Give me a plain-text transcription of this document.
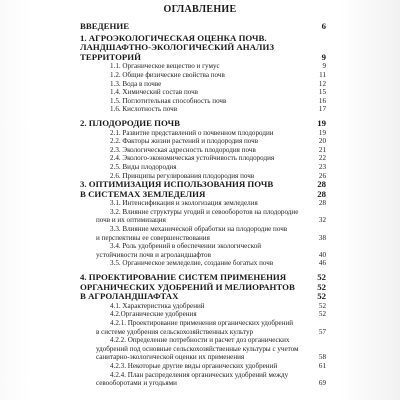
ОГЛАВЛЕНИЕ
ВВЕДЕНИЕ	6
1. АГРОЭКОЛОГИЧЕСКАЯ ОЦЕНКА ПОЧВ.
ЛАНДШАФТНО-ЭКОЛОГИЧЕСКИЙ АНАЛИЗ ТЕРРИТОРИЙ	9
1.1. Органическое вещество и гумус	9
1.2. Общие физические свойства почв	11
1.3. Вода в почве	12
1.4. Химический состав почв	15
1.5. Поглотительная способность почв	16
1.6. Кислотность почв	17
2. ПЛОДОРОДИЕ ПОЧВ	19
2.1. Развитие представлений о почвенном плодородии	19
2.2. Факторы жизни растений и плодородия почв	20
2.3. Экологическая адресность плодородия почв	21
2.4. Эколого-экономическая устойчивость плодородия	22
2.5. Виды плодородия	23
2.6. Принципы регулирования плодородия почв	26
3. ОПТИМИЗАЦИЯ ИСПОЛЬЗОВАНИЯ ПОЧВ	28
В СИСТЕМАХ ЗЕМЛЕДЕЛИЯ	28
3.1. Интенсификация и экологизация земледелия	28
3.2. Влияние структуры угодий и севооборотов на плодородие
почв и их оптимизация	32
3.3. Влияние механической обработки на плодородие почв
и перспективы ее совершенствования	38
3.4. Роль удобрений в обеспечении экологической
устойчивости почв и агроландшафтов	40
3.5. Органическое земледелие, создание богатых почв	46
4. ПРОЕКТИРОВАНИЕ СИСТЕМ ПРИМЕНЕНИЯ	52
ОРГАНИЧЕСКИХ УДОБРЕНИЙ И МЕЛИОРАНТОВ	52
В АГРОЛАНДШАФТАХ	52
4.1. Характеристика удобрений	52
4.2.Органические удобрения	52
4.2.1. Проектирование применения органических удобрений
в системе удобрения сельскохозяйственных культур	57
4.2.2. Определение потребности и расчет доз органических
удобрений под основные сельскохозяйственные культуры с учетом
санитарно-экологической оценки их применения	58
4.2.3. Некоторые другие виды органических удобрений	61
4.2.4. План распределения органических удобрений между
севооборотами и угодьями	69
